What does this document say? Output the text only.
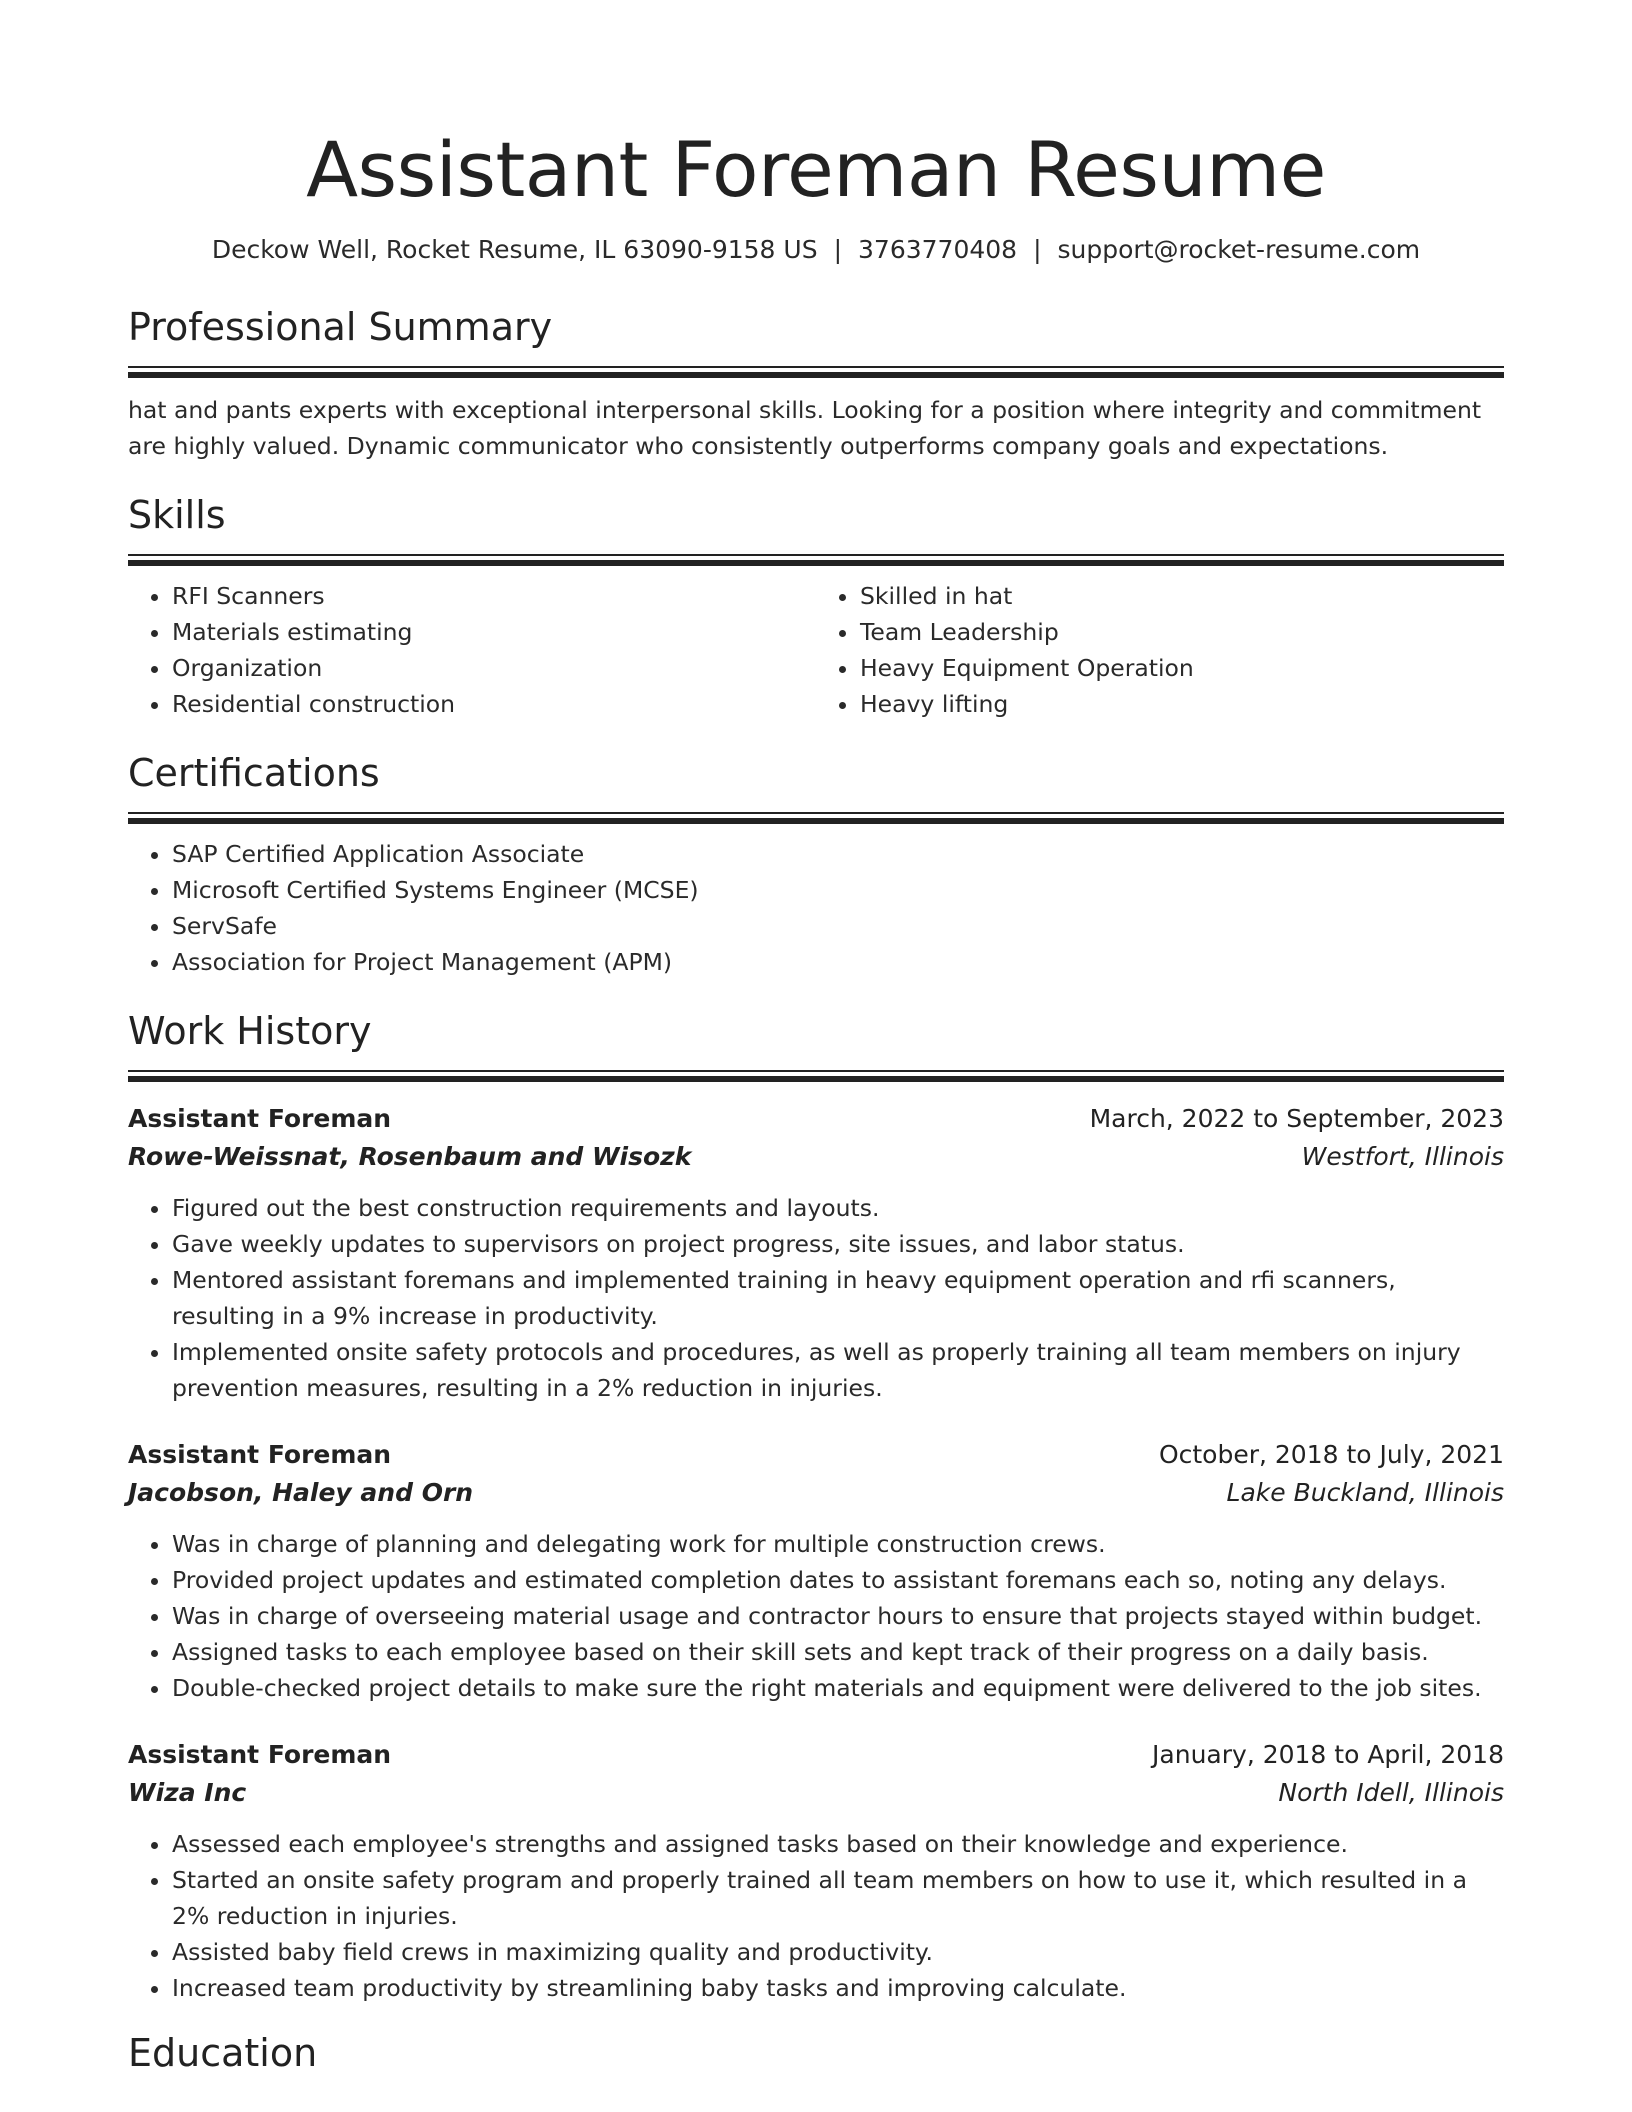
Assistant Foreman Resume
Deckow Well, Rocket Resume, IL 63090-9158 US | 3763770408 | support@rocket-resume.com
Professional Summary
hat and pants experts with exceptional interpersonal skills. Looking for a position where integrity and commitment are highly valued. Dynamic communicator who consistently outperforms company goals and expectations.
Skills
• RFI Scanners
• Materials estimating
• Organization
• Residential construction
• Skilled in hat
• Team Leadership
• Heavy Equipment Operation
• Heavy lifting
Certifications
• SAP Certified Application Associate
• Microsoft Certified Systems Engineer (MCSE)
• ServSafe
• Association for Project Management (APM)
Work History
Assistant Foreman	March, 2022 to September, 2023
Rowe-Weissnat, Rosenbaum and Wisozk	Westfort, Illinois
• Figured out the best construction requirements and layouts.
• Gave weekly updates to supervisors on project progress, site issues, and labor status.
• Mentored assistant foremans and implemented training in heavy equipment operation and rfi scanners, resulting in a 9% increase in productivity.
• Implemented onsite safety protocols and procedures, as well as properly training all team members on injury prevention measures, resulting in a 2% reduction in injuries.
Assistant Foreman	October, 2018 to July, 2021
Jacobson, Haley and Orn	Lake Buckland, Illinois
• Was in charge of planning and delegating work for multiple construction crews.
• Provided project updates and estimated completion dates to assistant foremans each so, noting any delays.
• Was in charge of overseeing material usage and contractor hours to ensure that projects stayed within budget.
• Assigned tasks to each employee based on their skill sets and kept track of their progress on a daily basis.
• Double-checked project details to make sure the right materials and equipment were delivered to the job sites.
Assistant Foreman	January, 2018 to April, 2018
Wiza Inc	North Idell, Illinois
• Assessed each employee's strengths and assigned tasks based on their knowledge and experience.
• Started an onsite safety program and properly trained all team members on how to use it, which resulted in a 2% reduction in injuries.
• Assisted baby field crews in maximizing quality and productivity.
• Increased team productivity by streamlining baby tasks and improving calculate.
Education
